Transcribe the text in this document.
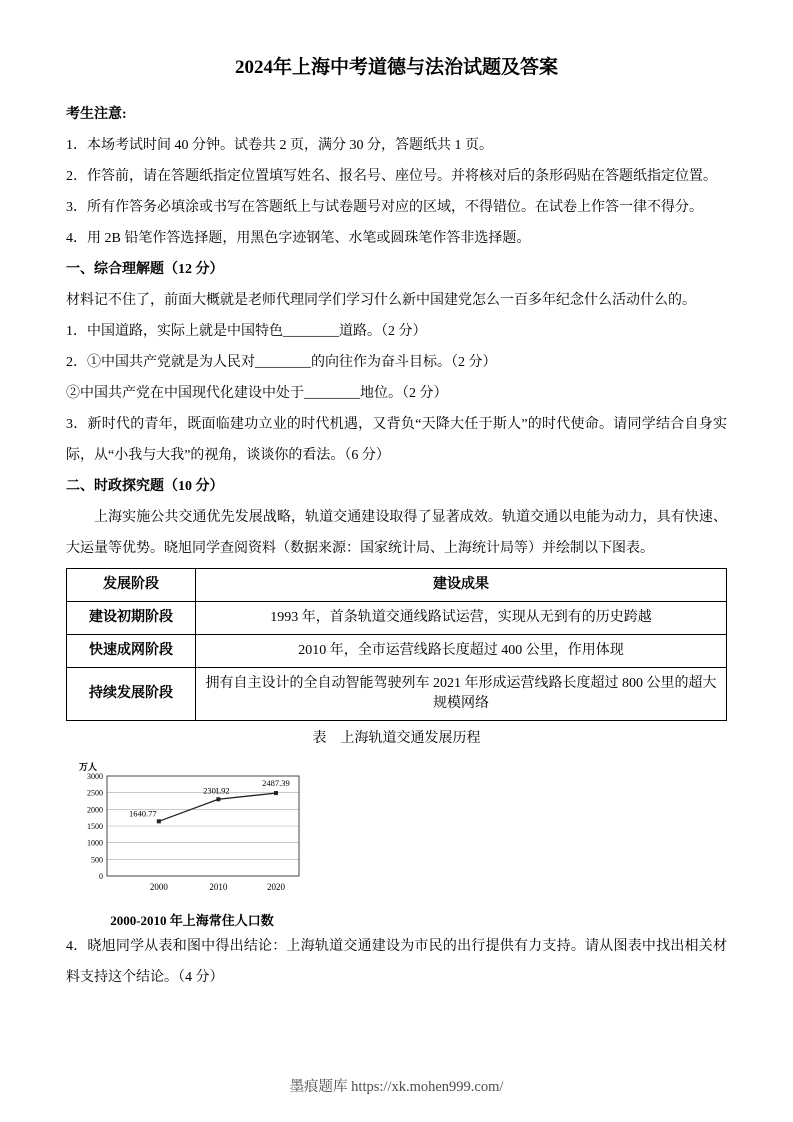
2024年上海中考道德与法治试题及答案

考生注意:

1．本场考试时间 40 分钟。试卷共 2 页，满分 30 分，答题纸共 1 页。

2．作答前，请在答题纸指定位置填写姓名、报名号、座位号。并将核对后的条形码贴在答题纸指定位置。

3．所有作答务必填涂或书写在答题纸上与试卷题号对应的区域，不得错位。在试卷上作答一律不得分。

4．用 2B 铅笔作答选择题，用黑色字迹钢笔、水笔或圆珠笔作答非选择题。

一、综合理解题（12 分）

材料记不住了，前面大概就是老师代理同学们学习什么新中国建党怎么一百多年纪念什么活动什么的。

1．中国道路，实际上就是中国特色________道路。（2 分）

2．①中国共产党就是为人民对________的向往作为奋斗目标。（2 分）

②中国共产党在中国现代化建设中处于________地位。（2 分）

3．新时代的青年，既面临建功立业的时代机遇，又背负“天降大任于斯人”的时代使命。请同学结合自身实际，从“小我与大我”的视角，谈谈你的看法。（6 分）

二、时政探究题（10 分）

上海实施公共交通优先发展战略，轨道交通建设取得了显著成效。轨道交通以电能为动力，具有快速、大运量等优势。晓旭同学查阅资料（数据来源：国家统计局、上海统计局等）并绘制以下图表。

发展阶段	建设成果
建设初期阶段	1993 年，首条轨道交通线路试运营，实现从无到有的历史跨越
快速成网阶段	2010 年，全市运营线路长度超过 400 公里，作用体现
持续发展阶段	拥有自主设计的全自动智能驾驶列车 2021 年形成运营线路长度超过 800 公里的超大规模网络

表　上海轨道交通发展历程

万人
0
500
1000
1500
2000
2500
3000
1640.77
230L92
2487.39
2000	2010	2020
2000-2010 年上海常住人口数

4．晓旭同学从表和图中得出结论：上海轨道交通建设为市民的出行提供有力支持。请从图表中找出相关材料支持这个结论。（4 分）

墨痕题库 https://xk.mohen999.com/
